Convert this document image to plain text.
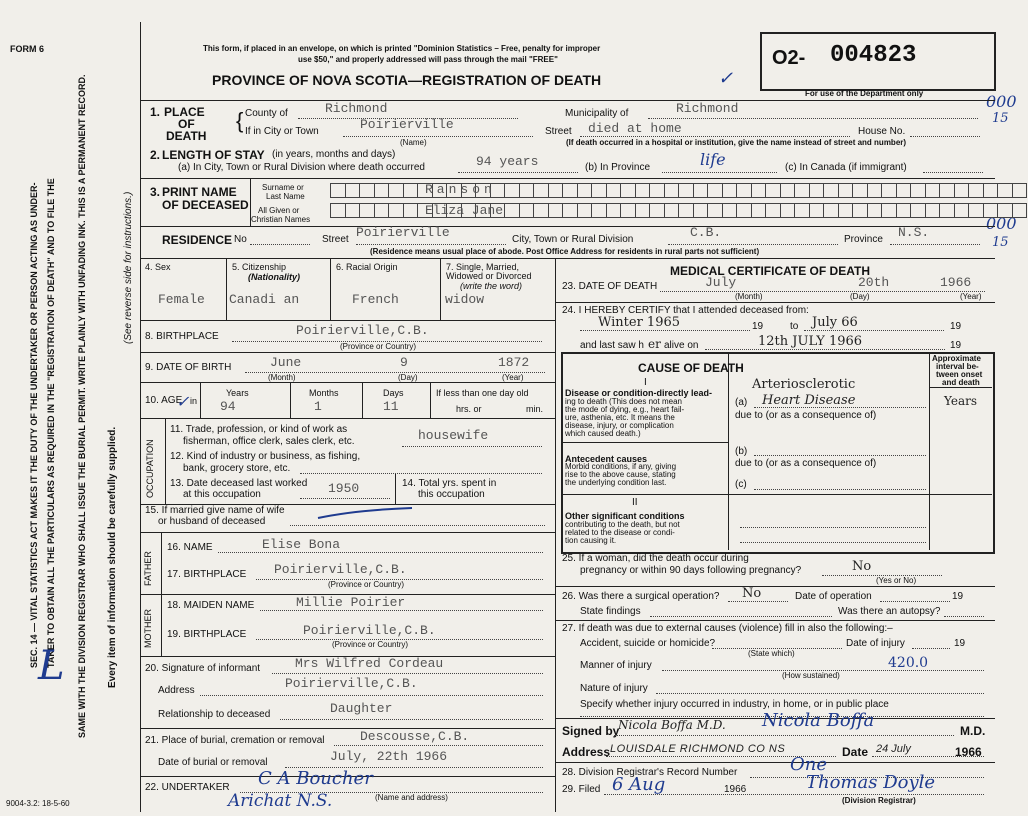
SEC. 14 — VITAL STATISTICS ACT MAKES IT THE DUTY OF THE UNDERTAKER OR PERSON ACTING AS UNDER- TAKER TO OBTAIN ALL THE PARTICULARS AS REQUIRED IN THE "REGISTRATION OF DEATH" AND TO FILE THE SAME WITH THE DIVISION REGISTRAR WHO SHALL ISSUE THE BURIAL PERMIT. WRITE PLAINLY WITH UNFADING INK. THIS IS A PERMANENT RECORD. Every item of information should be carefully supplied.
(See reverse side for instructions.)
9004-3.2: 18-5-60
L
FORM 6	This form, if placed in an envelope, on which is printed "Dominion Statistics – Free, penalty for improper
use $50," and properly addressed will pass through the mail "FREE"
PROVINCE OF NOVA SCOTIA—REGISTRATION OF DEATH	✓
O2- 004823
For use of the Department only	000
15
000
15
1. PLACE
OF
DEATH
{ County of	Richmond	Municipality of	Richmond
If in City or Town	Poirierville
(Name)
Street died at home	House No.
(If death occurred in a hospital or institution, give the name instead of street and number)
2. LENGTH OF STAY (in years, months and days)
(a) In City, Town or Rural Division where death occurred	94 years	(b) In Province	life	(c) In Canada (if immigrant)
3. PRINT NAME
OF DECEASED
Surname or
Last Name
All Given or
Christian Names
Ranson
Eliza Jane
RESIDENCE No	Street Poirierville	City, Town or Rural Division	C.B.	Province N.S.
(Residence means usual place of abode. Post Office Address for residents in rural parts not sufficient)
4. Sex
Female
5. Citizenship
(Nationality)
Canadi an
6. Racial Origin
French
7. Single, Married,
Widowed or Divorced
(write the word)
widow
8. BIRTHPLACE	Poirierville,C.B.
(Province or Country)
9. DATE OF BIRTH	June	9	1872
(Month)	(Day)	(Year)
10. AGE in
✓	Years	Months	Days
94	1	11
If less than one day old
hrs. or	min.
OCCUPATION
11. Trade, profession, or kind of work as
fisherman, office clerk, sales clerk, etc.	housewife
12. Kind of industry or business, as fishing,
bank, grocery store, etc.
13. Date deceased last worked
at this occupation	1950	14. Total yrs. spent in
this occupation
15. If married give name of wife
or husband of deceased
FATHER
MOTHER
16. NAME	Elise Bona
17. BIRTHPLACE Poirierville,C.B.
(Province or Country)
18. MAIDEN NAME	Millie Poirier
19. BIRTHPLACE	Poirierville,C.B.
(Province or Country)
20. Signature of informant	Mrs Wilfred Cordeau
Address	Poirierville,C.B.
Relationship to deceased	Daughter
21. Place of burial, cremation or removal	Descousse,C.B.
Date of burial or removal	July, 22th 1966
22. UNDERTAKER C A Boucher
(Name and address)
Arichat N.S.
MEDICAL CERTIFICATE OF DEATH
23. DATE OF DEATH	July	20th	1966
(Month)	(Day)	(Year)
24. I HEREBY CERTIFY that I attended deceased from:
Winter 1965	19	to July 66	19
and last saw h er alive on	12th JULY 1966	19
CAUSE OF DEATH
Approximate
interval be-
tween onset
and death
I
Disease or condition-directly lead-
ing to death (This does not mean
the mode of dying, e.g., heart fail-
ure, asthenia, etc. It means the
disease, injury, or complication
which caused death.)
(a)
Arteriosclerotic
Heart Disease	Years
due to (or as a consequence of)
(b)
due to (or as a consequence of)
(c)
Antecedent causes
Morbid conditions, if any, giving
rise to the above cause, stating
the underlying condition last.
II
Other significant conditions
contributing to the death, but not
related to the disease or condi-
tion causing it.
25. If a woman, did the death occur during
pregnancy or within 90 days following pregnancy?	No
(Yes or No)
26. Was there a surgical operation? No	Date of operation	19
State findings	Was there an autopsy?
27. If death was due to external causes (violence) fill in also the following:–
Accident, suicide or homicide?
(State which)
Date of injury	19
Manner of injury	420.0
(How sustained)
Nature of injury
Specify whether injury occurred in industry, in home, or in public place
Signed by
Nicola Boffa M.D. Nicola Boffa	M.D.
Address LOUISDALE RICHMOND CO NS	Date 24 July	1966
28. Division Registrar's Record Number	One
29. Filed 6 Aug	1966	Thomas Doyle
(Division Registrar)
